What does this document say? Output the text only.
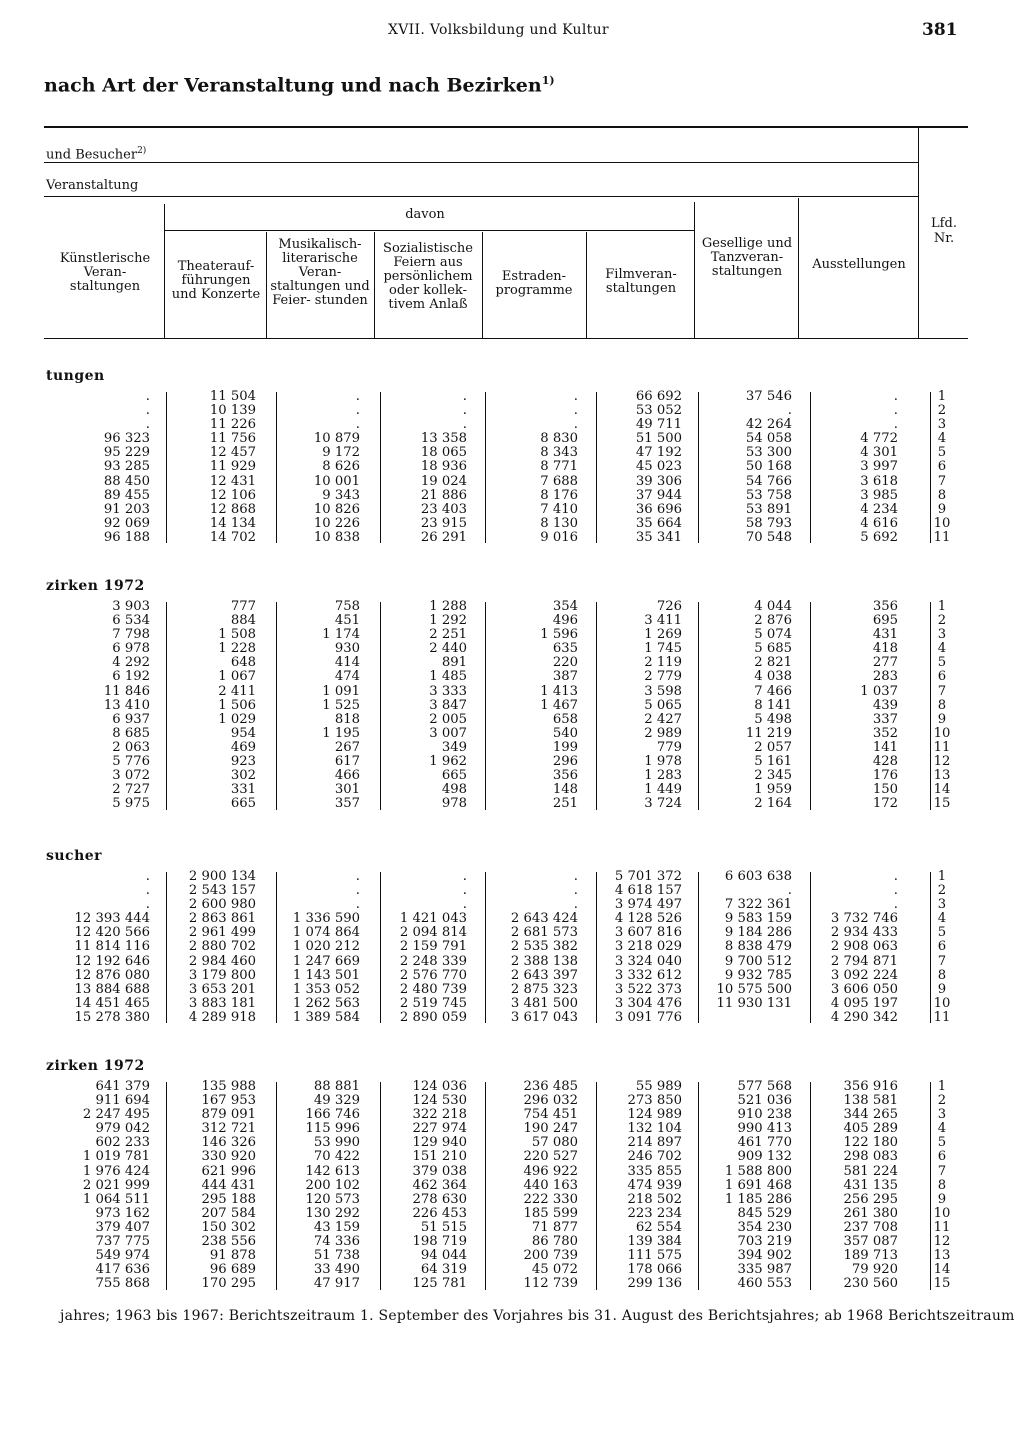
XVII. Volksbildung und Kultur	381
nach Art der Veranstaltung und nach Bezirken$^{1)}$
und Besucher$^{2)}$
Veranstaltung
davon
Lfd. Nr.
Künstlerische Veran- staltungen
Theaterauf- führungen und Konzerte
Musikalisch- literarische Veran- staltungen und Feier- stunden
Sozialistische Feiern aus persönlichem oder kollek- tivem Anlaß
Estraden- programme
Filmveran- staltungen
Gesellige und Tanzveran- staltungen	Ausstellungen
tungen
.
.
.
96 323
95 229
93 285
88 450
89 455
91 203
92 069
96 188
11 504
10 139
11 226
11 756
12 457
11 929
12 431
12 106
12 868
14 134
14 702
.
.
.
10 879
9 172
8 626
10 001
9 343
10 826
10 226
10 838
.
.
.
13 358
18 065
18 936
19 024
21 886
23 403
23 915
26 291
.
.
.
8 830
8 343
8 771
7 688
8 176
7 410
8 130
9 016
66 692
53 052
49 711
51 500
47 192
45 023
39 306
37 944
36 696
35 664
35 341
37 546
.
42 264
54 058
53 300
50 168
54 766
53 758
53 891
58 793
70 548
.
.
.
4 772
4 301
3 997
3 618
3 985
4 234
4 616
5 692
1
2
3
4
5
6
7
8
9
10
11
zirken 1972
3 903
6 534
7 798
6 978
4 292
6 192
11 846
13 410
6 937
8 685
2 063
5 776
3 072
2 727
5 975
777
884
1 508
1 228
648
1 067
2 411
1 506
1 029
954
469
923
302
331
665
758
451
1 174
930
414
474
1 091
1 525
818
1 195
267
617
466
301
357
1 288
1 292
2 251
2 440
891
1 485
3 333
3 847
2 005
3 007
349
1 962
665
498
978
354
496
1 596
635
220
387
1 413
1 467
658
540
199
296
356
148
251
726
3 411
1 269
1 745
2 119
2 779
3 598
5 065
2 427
2 989
779
1 978
1 283
1 449
3 724
4 044
2 876
5 074
5 685
2 821
4 038
7 466
8 141
5 498
11 219
2 057
5 161
2 345
1 959
2 164
356
695
431
418
277
283
1 037
439
337
352
141
428
176
150
172
1
2
3
4
5
6
7
8
9
10
11
12
13
14
15
sucher
.
.
.
12 393 444
12 420 566
11 814 116
12 192 646
12 876 080
13 884 688
14 451 465
15 278 380
2 900 134
2 543 157
2 600 980
2 863 861
2 961 499
2 880 702
2 984 460
3 179 800
3 653 201
3 883 181
4 289 918
.
.
.
1 336 590
1 074 864
1 020 212
1 247 669
1 143 501
1 353 052
1 262 563
1 389 584
.
.
.
1 421 043
2 094 814
2 159 791
2 248 339
2 576 770
2 480 739
2 519 745
2 890 059
.
.
.
2 643 424
2 681 573
2 535 382
2 388 138
2 643 397
2 875 323
3 481 500
3 617 043
5 701 372
4 618 157
3 974 497
4 128 526
3 607 816
3 218 029
3 324 040
3 332 612
3 522 373
3 304 476
3 091 776
6 603 638
.
7 322 361
9 583 159
9 184 286
8 838 479
9 700 512
9 932 785
10 575 500
11 930 131
.
.
.
3 732 746
2 934 433
2 908 063
2 794 871
3 092 224
3 606 050
4 095 197
4 290 342
1
2
3
4
5
6
7
8
9
10
11
zirken 1972
641 379
911 694
2 247 495
979 042
602 233
1 019 781
1 976 424
2 021 999
1 064 511
973 162
379 407
737 775
549 974
417 636
755 868
135 988
167 953
879 091
312 721
146 326
330 920
621 996
444 431
295 188
207 584
150 302
238 556
91 878
96 689
170 295
88 881
49 329
166 746
115 996
53 990
70 422
142 613
200 102
120 573
130 292
43 159
74 336
51 738
33 490
47 917
124 036
124 530
322 218
227 974
129 940
151 210
379 038
462 364
278 630
226 453
51 515
198 719
94 044
64 319
125 781
236 485
296 032
754 451
190 247
57 080
220 527
496 922
440 163
222 330
185 599
71 877
86 780
200 739
45 072
112 739
55 989
273 850
124 989
132 104
214 897
246 702
335 855
474 939
218 502
223 234
62 554
139 384
111 575
178 066
299 136
577 568
521 036
910 238
990 413
461 770
909 132
1 588 800
1 691 468
1 185 286
845 529
354 230
703 219
394 902
335 987
460 553
356 916
138 581
344 265
405 289
122 180
298 083
581 224
431 135
256 295
261 380
237 708
357 087
189 713
79 920
230 560
1
2
3
4
5
6
7
8
9
10
11
12
13
14
15
jahres; 1963 bis 1967: Berichtszeitraum 1. September des Vorjahres bis 31. August des Berichtsjahres; ab 1968 Berichtszeitraum
